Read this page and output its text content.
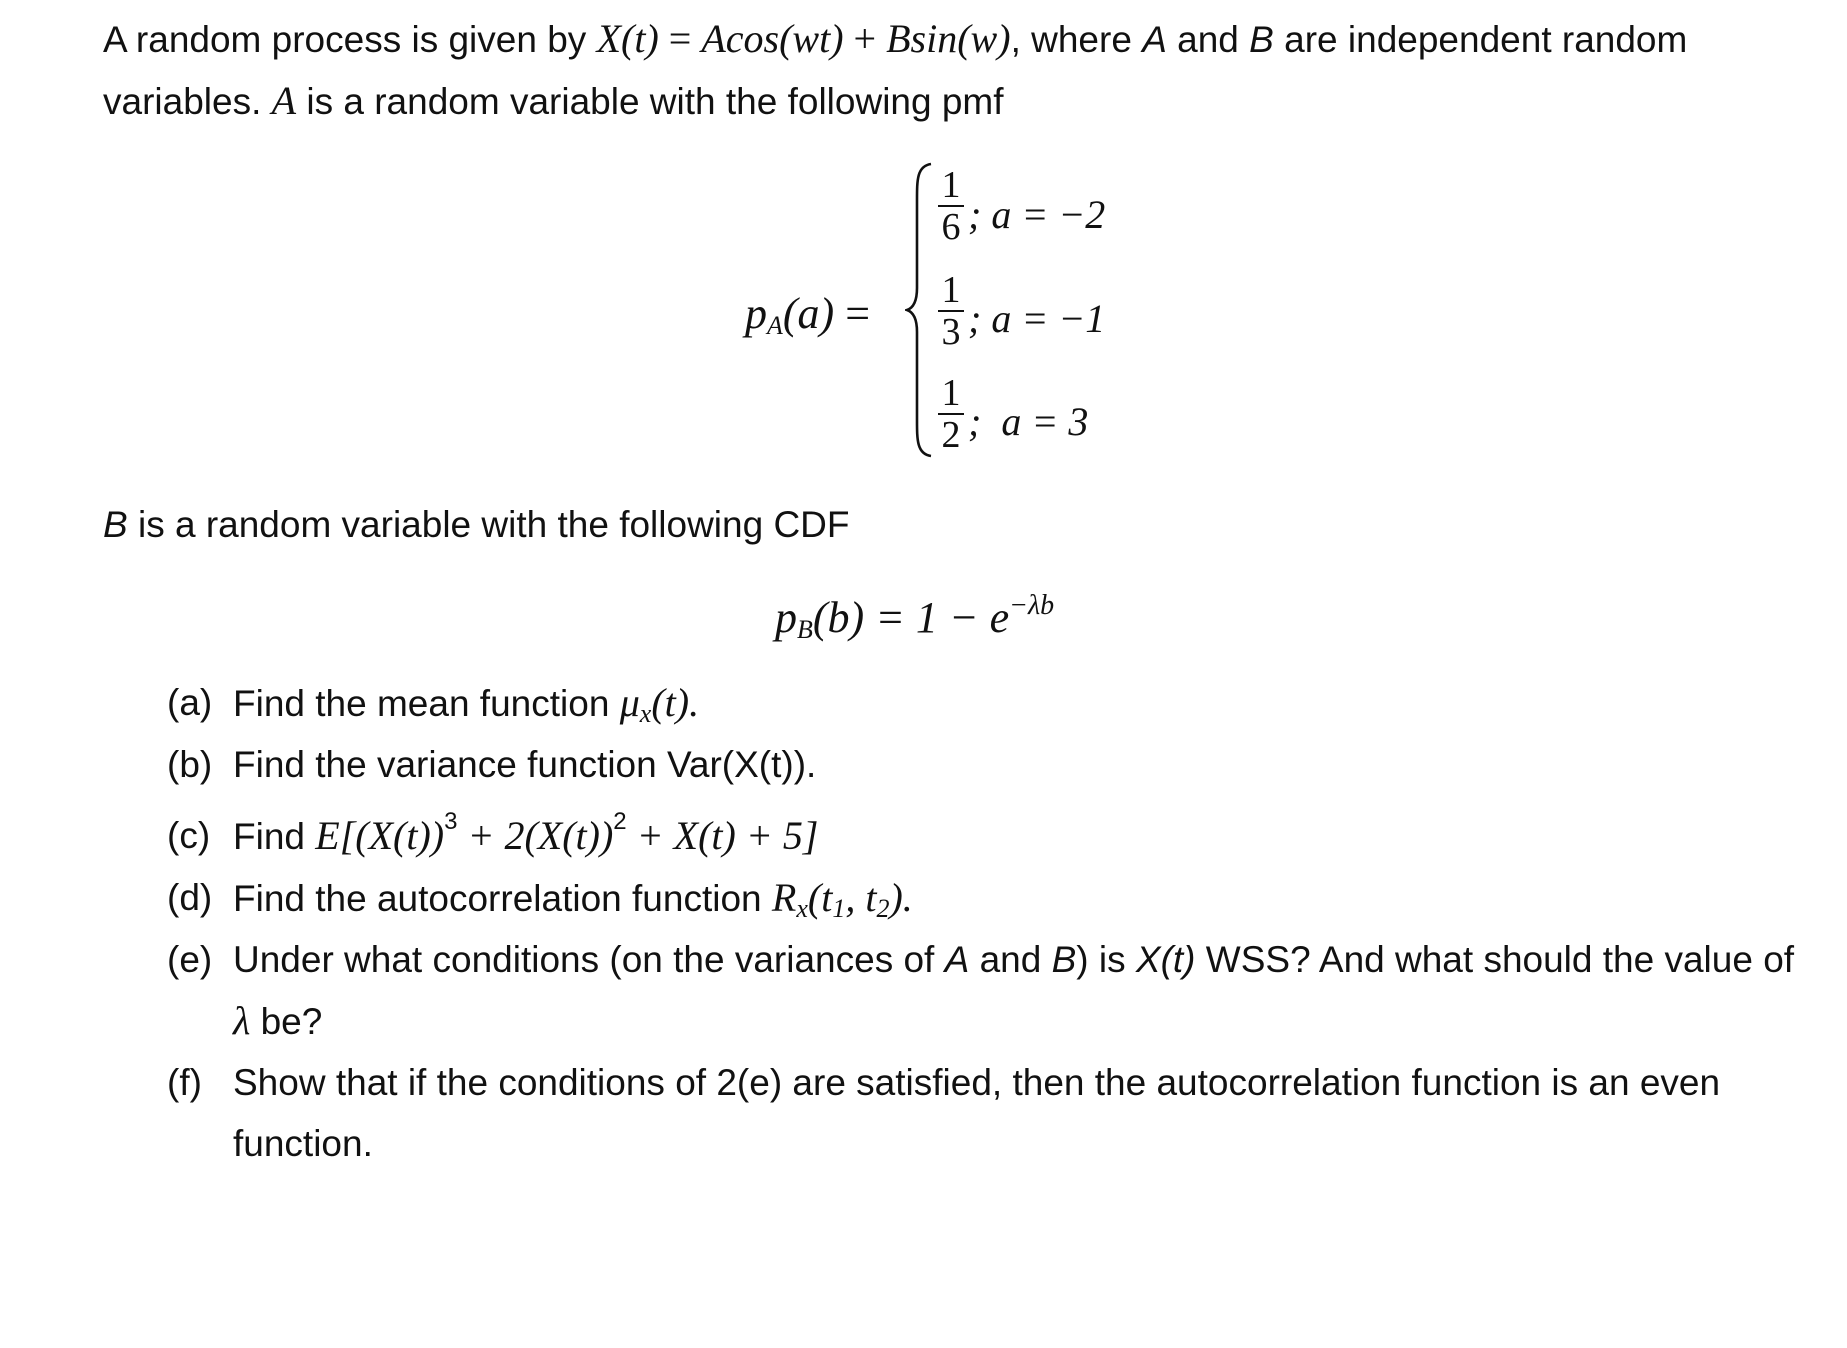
A random process is given by X(t) = Acos(wt) + Bsin(w), where A and B are independent random variables. A is a random variable with the following pmf
$p_A(a)$ =
1
6 ; a = −2
1
3 ; a = −1
1
2 ;  a = 3
B is a random variable with the following CDF
$p_B(b) = 1 - e^{-\lambda b}$
(a) Find the mean function $\mu_x(t)$.
(b) Find the variance function Var(X(t)).
(c) Find $E[(X(t))^3 + 2(X(t))^2 + X(t) + 5]$
(d) Find the autocorrelation function $R_x(t_1$, $t_2$).
(e) Under what conditions (on the variances of A and B) is X(t) WSS? And what should the value of λ be?
(f) Show that if the conditions of 2(e) are satisfied, then the autocorrelation function is an even function.
